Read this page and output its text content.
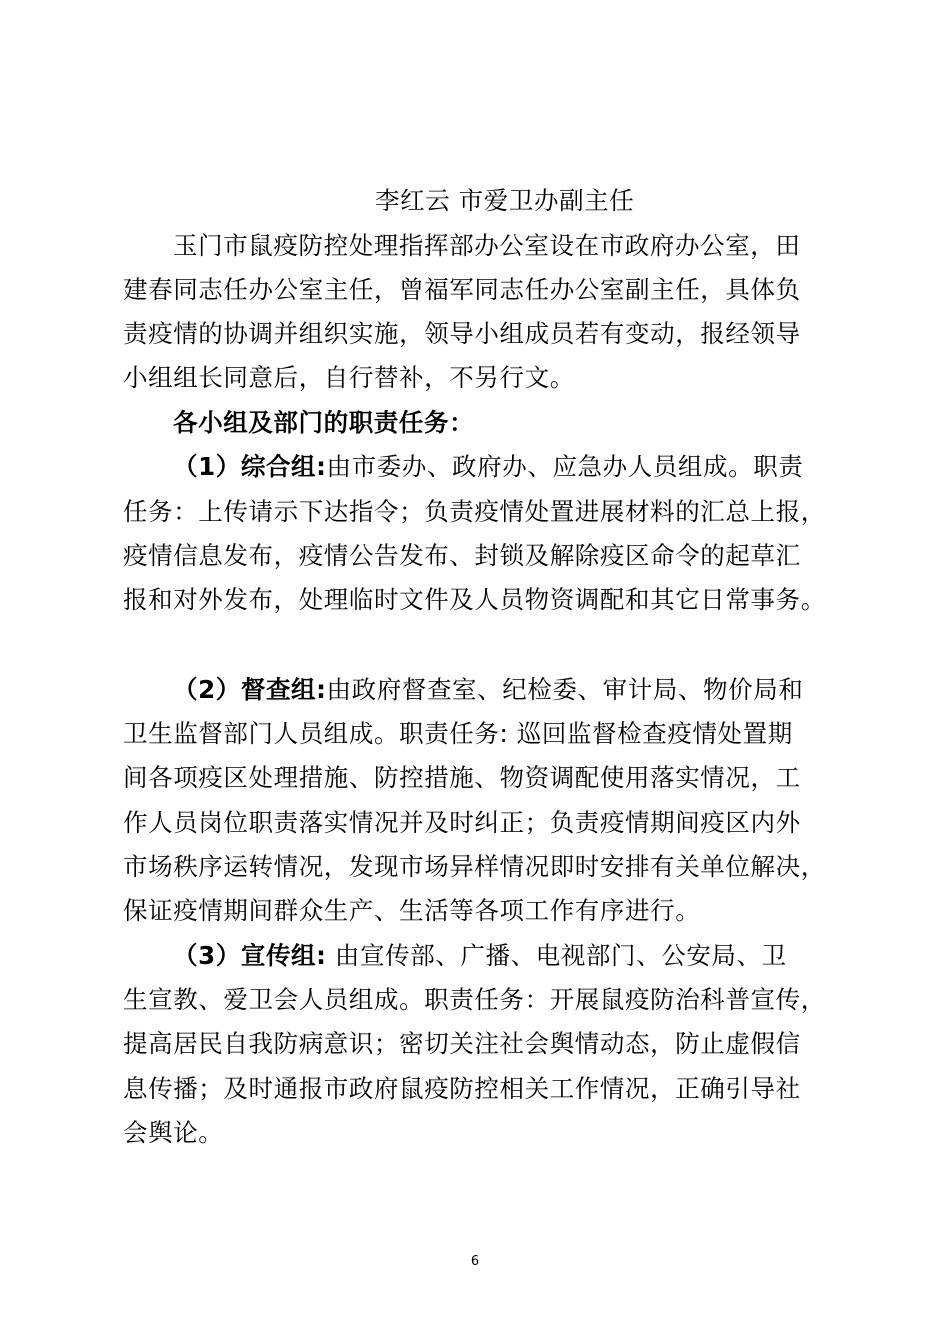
李红云 市爱卫办副主任
玉门市鼠疫防控处理指挥部办公室设在市政府办公室，田
建春同志任办公室主任，曾福军同志任办公室副主任，具体负
责疫情的协调并组织实施，领导小组成员若有变动，报经领导
小组组长同意后，自行替补，不另行文。
各小组及部门的职责任务：
（1）综合组:由市委办、政府办、应急办人员组成。职责
任务：上传请示下达指令；负责疫情处置进展材料的汇总上报，
疫情信息发布，疫情公告发布、封锁及解除疫区命令的起草汇
报和对外发布，处理临时文件及人员物资调配和其它日常事务。
（2）督查组:由政府督查室、纪检委、审计局、物价局和
卫生监督部门人员组成。职责任务: 巡回监督检查疫情处置期
间各项疫区处理措施、防控措施、物资调配使用落实情况，工
作人员岗位职责落实情况并及时纠正；负责疫情期间疫区内外
市场秩序运转情况，发现市场异样情况即时安排有关单位解决，
保证疫情期间群众生产、生活等各项工作有序进行。
（3）宣传组: 由宣传部、广播、电视部门、公安局、卫
生宣教、爱卫会人员组成。职责任务：开展鼠疫防治科普宣传，
提高居民自我防病意识；密切关注社会舆情动态，防止虚假信
息传播；及时通报市政府鼠疫防控相关工作情况，正确引导社
会舆论。
6
